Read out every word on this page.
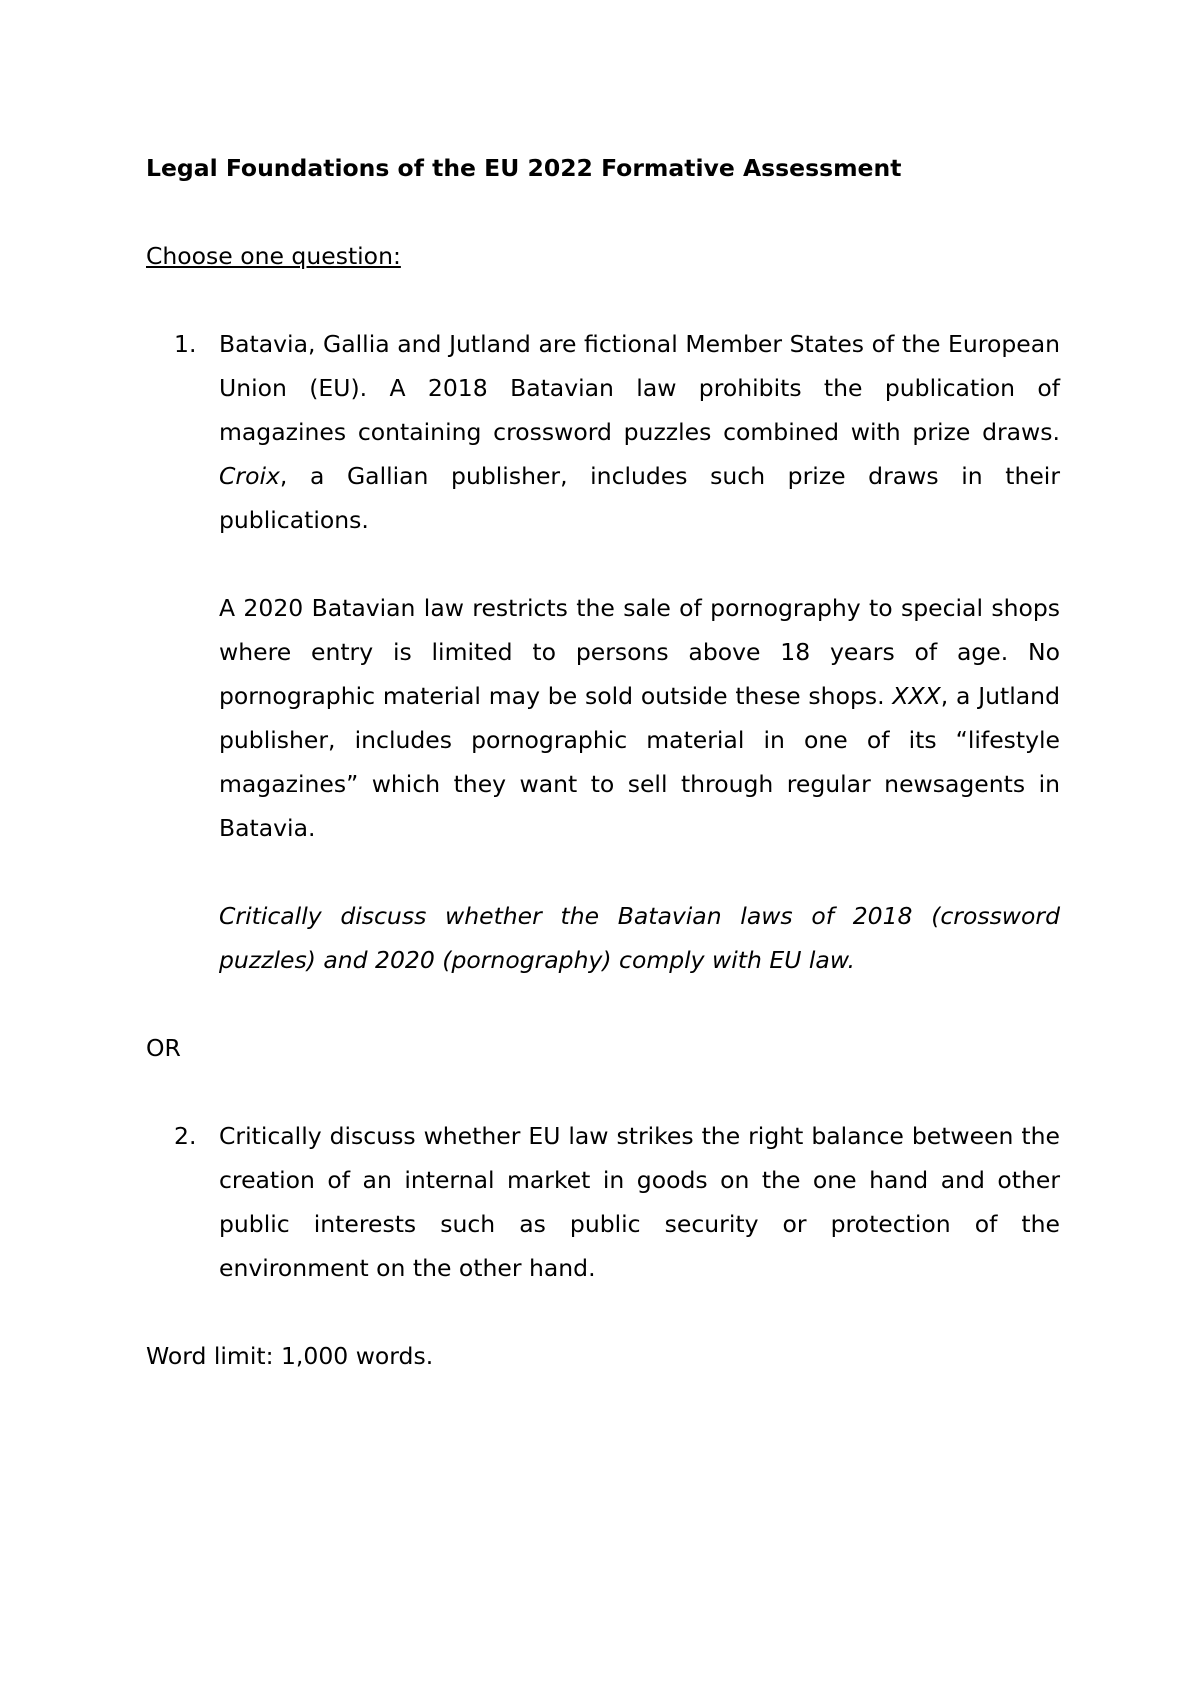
Legal Foundations of the EU 2022 Formative Assessment
Choose one question:
1. Batavia, Gallia and Jutland are fictional Member States of the European Union (EU). A 2018 Batavian law prohibits the publication of magazines containing crossword puzzles combined with prize draws. Croix, a Gallian publisher, includes such prize draws in their publications.
A 2020 Batavian law restricts the sale of pornography to special shops where entry is limited to persons above 18 years of age. No pornographic material may be sold outside these shops. XXX, a Jutland publisher, includes pornographic material in one of its “lifestyle magazines” which they want to sell through regular newsagents in Batavia.
Critically discuss whether the Batavian laws of 2018 (crossword puzzles) and 2020 (pornography) comply with EU law.
OR
2. Critically discuss whether EU law strikes the right balance between the creation of an internal market in goods on the one hand and other public interests such as public security or protection of the environment on the other hand.
Word limit: 1,000 words.
